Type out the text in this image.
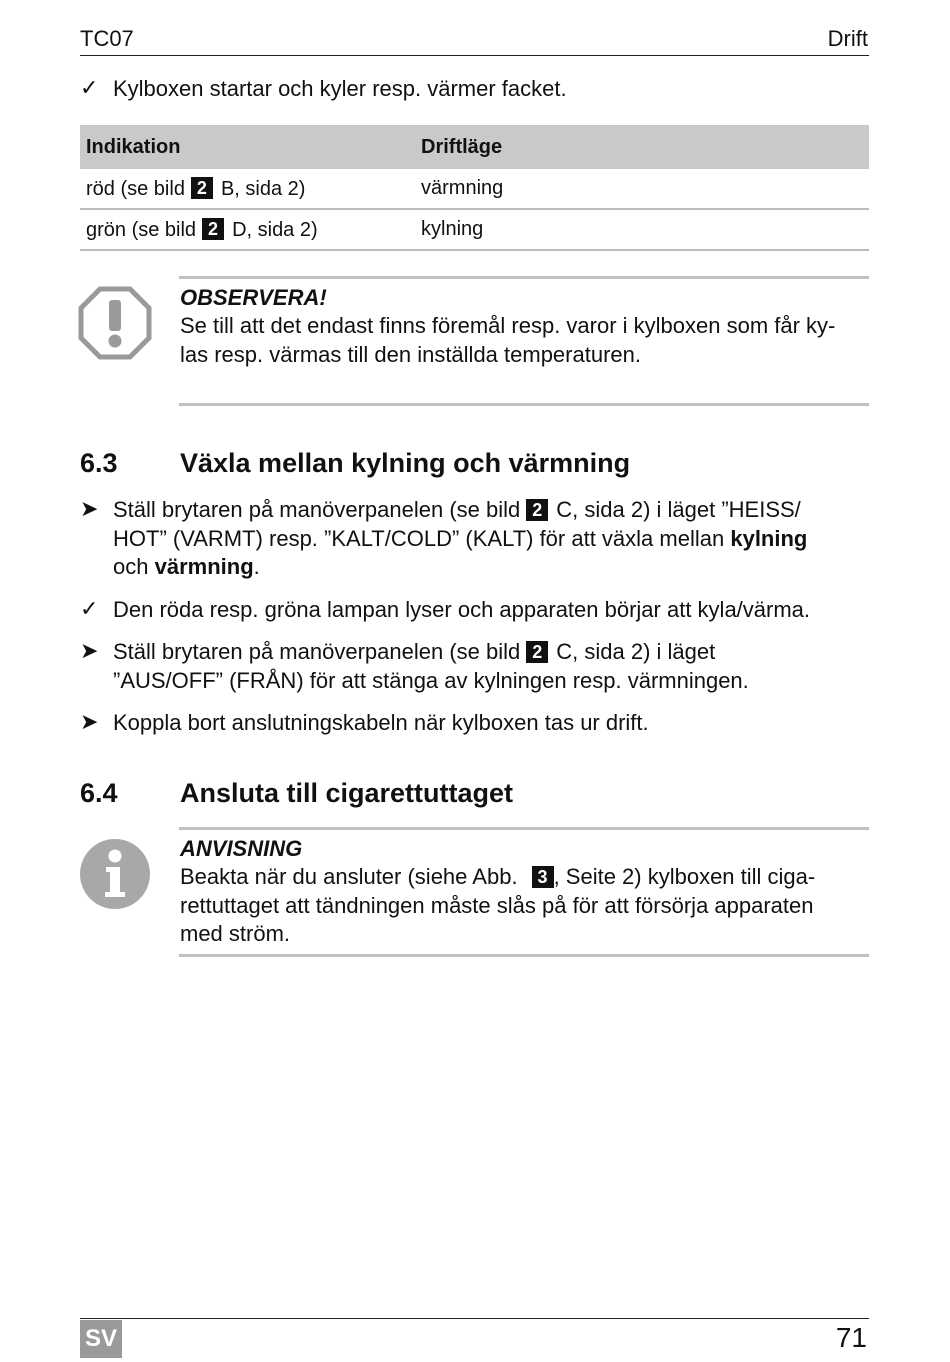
TC07	Drift
✓ Kylboxen startar och kyler resp. värmer facket.
Indikation	Driftläge
röd (se bild 2 B, sida 2)	värmning
grön (se bild 2 D, sida 2)	kylning
OBSERVERA!
Se till att det endast finns föremål resp. varor i kylboxen som får ky-
las resp. värmas till den inställda temperaturen.
6.3 Växla mellan kylning och värmning
➤ Ställ brytaren på manöverpanelen (se bild 2 C, sida 2) i läget ”HEISS/
HOT” (VARMT) resp. ”KALT/COLD” (KALT) för att växla mellan kylning
och värmning.
✓ Den röda resp. gröna lampan lyser och apparaten börjar att kyla/värma.
➤ Ställ brytaren på manöverpanelen (se bild 2 C, sida 2) i läget
”AUS/OFF” (FRÅN) för att stänga av kylningen resp. värmningen.
➤ Koppla bort anslutningskabeln när kylboxen tas ur drift.
6.4 Ansluta till cigarettuttaget
ANVISNING
Beakta när du ansluter (siehe Abb. 3 , Seite 2) kylboxen till ciga-
rettuttaget att tändningen måste slås på för att försörja apparaten
med ström.
SV	71
